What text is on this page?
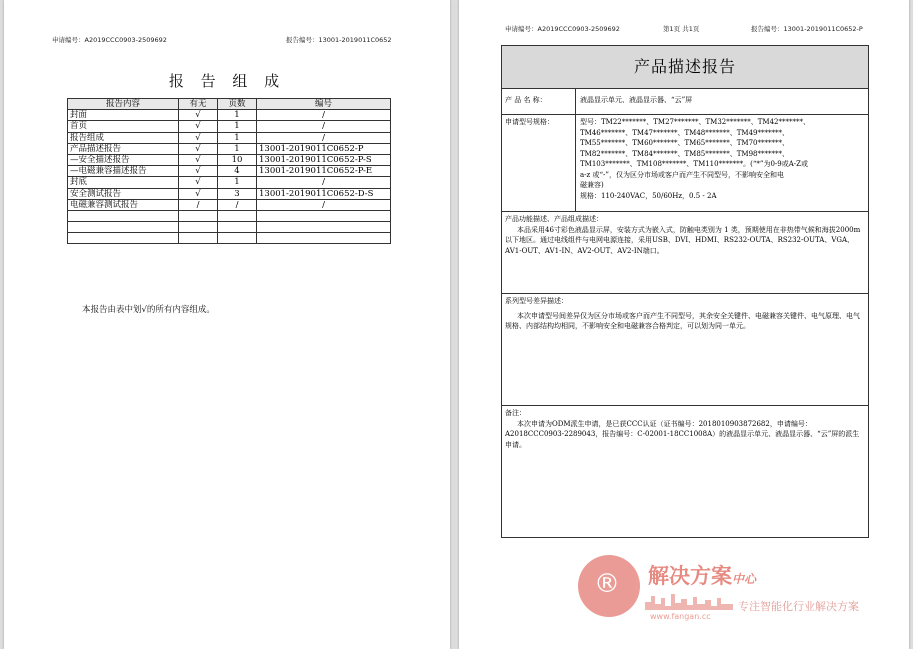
申请编号：A2019CCC0903-2509692	报告编号：13001-2019011C0652
报 告 组 成
报告内容	有无	页数	编号
封面	√	1	/
首页	√	1	/
报告组成	√	1	/
产品描述报告	√	1	13001-2019011C0652-P
—安全描述报告	√	10	13001-2019011C0652-P-S
—电磁兼容描述报告	√	4	13001-2019011C0652-P-E
封底	√	1	/
安全测试报告	√	3	13001-2019011C0652-D-S
电磁兼容测试报告	/	/	/

本报告由表中划√的所有内容组成。
申请编号：A2019CCC0903-2509692	第1页 共1页	报告编号：13001-2019011C0652-P
产品描述报告
产 品 名 称：	液晶显示单元、液晶显示器、“云”屏
申请型号规格：	型号：TM22*******、TM27*******、TM32*******、TM42*******、
TM46*******、TM47*******、TM48*******、TM49*******、
TM55*******、TM60*******、TM65*******、TM70*******、
TM82*******、TM84*******、TM85*******、TM98*******、
TM103*******、TM108*******、TM110*******。(“*”为0-9或A-Z或
a-z 或“-”，仅为区分市场或客户而产生不同型号，不影响安全和电
磁兼容)
规格：110-240VAC，50/60Hz，0.5 - 2A
产品功能描述、产品组成描述：

本品采用46寸彩色液晶显示屏，安装方式为嵌入式，防触电类别为 1 类，预期使用在非热带气候和海拔2000m以下地区。通过电线组件与电网电源连接，采用USB、DVI、HDMI、RS232-OUTA、RS232-OUTA、VGA、AV1-OUT、AV1-IN、AV2-OUT、AV2-IN端口。

系列型号差异描述：

本次申请型号间差异仅为区分市场或客户而产生不同型号，其余安全关键件、电磁兼容关键件、电气原理、电气规格、内部结构均相同，不影响安全和电磁兼容合格判定，可以划为同一单元。

备注：

本次申请为ODM派生申请，是已获CCC认证（证书编号：2018010903872682，申请编号：A2018CCC0903-2289043，报告编号：C-02001-18CC1008A）的液晶显示单元、液晶显示器、“云”屏的派生申请。

® 解决方案中心
专注智能化行业解决方案
www.fangan.cc
